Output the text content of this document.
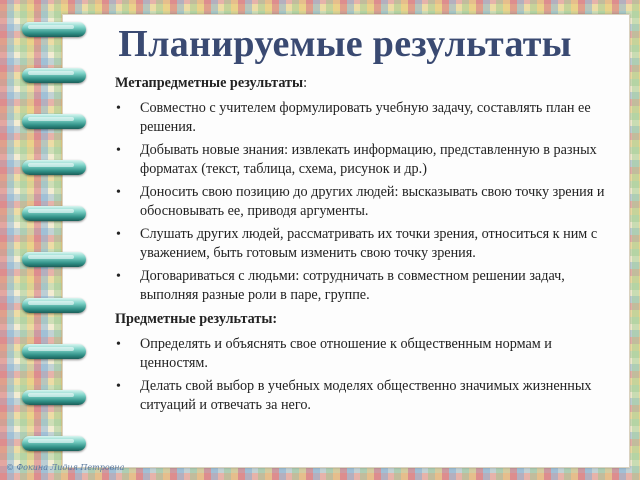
Планируемые результаты
Метапредметные результаты:
• Совместно с учителем формулировать учебную задачу, составлять план ее решения.
• Добывать новые знания: извлекать информацию, представленную в разных форматах (текст, таблица, схема, рисунок и др.)
• Доносить свою позицию до других людей: высказывать свою точку зрения и обосновывать ее, приводя аргументы.
• Слушать других людей, рассматривать их точки зрения, относиться к ним с уважением, быть готовым изменить свою точку зрения.
• Договариваться с людьми: сотрудничать в совместном решении задач, выполняя разные роли в паре, группе.
Предметные результаты:
• Определять и объяснять свое отношение к общественным нормам и ценностям.
• Делать свой выбор в учебных моделях общественно значимых жизненных ситуаций и отвечать за него.
© Фокина Лидия Петровна
